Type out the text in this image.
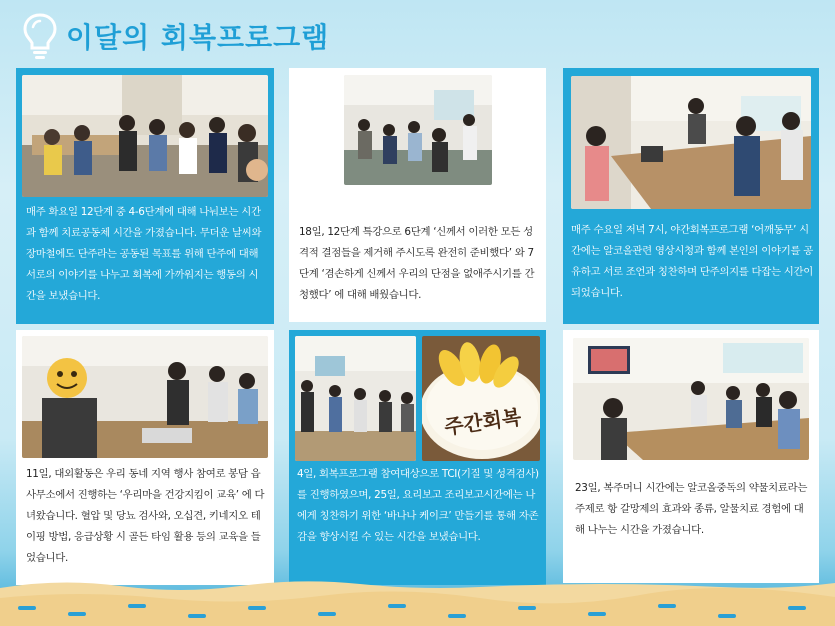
이달의 회복프로그램
매주 화요일 12단계 중 4-6단계에 대해 나눠보는 시간과 함께 치료공동체 시간을 가졌습니다. 무더운 날씨와 장마철에도 단주라는 공동된 목표를 위해 단주에 대해 서로의 이야기를 나누고 회복에 가까워지는 행동의 시간을 보냈습니다.
18일, 12단계 특강으로 6단계 ‘신께서 이러한 모든 성격적 결점들을 제거해 주시도록 완전히 준비했다’ 와 7단계 ‘겸손하게 신께서 우리의 단점을 없애주시기를 간청했다’ 에 대해 배웠습니다.
매주 수요일 저녁 7시, 야간회복프로그램 ‘어깨동무’ 시간에는 알코올관련 영상시청과 함께 본인의 이야기를 공유하고 서로 조언과 칭찬하며 단주의지를 다잡는 시간이 되었습니다.
11일, 대외활동은 우리 동네 지역 행사 참여로 봉담 읍사무소에서 진행하는 ‘우리마을 건강지킴이 교육’ 에 다녀왔습니다. 혈압 및 당뇨 검사와, 오십견, 키네지오 테이핑 방법, 응급상황 시 골든 타임 활용 등의 교육을 들었습니다.
주간회복
4일, 회복프로그램 참여대상으로 TCI(기질 및 성격검사)를 진행하였으며, 25일, 요리보고 조리보고시간에는 나에게 칭찬하기 위한 ‘바나나 케이크’ 만들기를 통해 자존감을 향상시킬 수 있는 시간을 보냈습니다.
23일, 복주머니 시간에는 알코올중독의 약물치료라는 주제로 항 갈망제의 효과와 종류, 알물치료 경험에 대해 나누는 시간을 가졌습니다.
